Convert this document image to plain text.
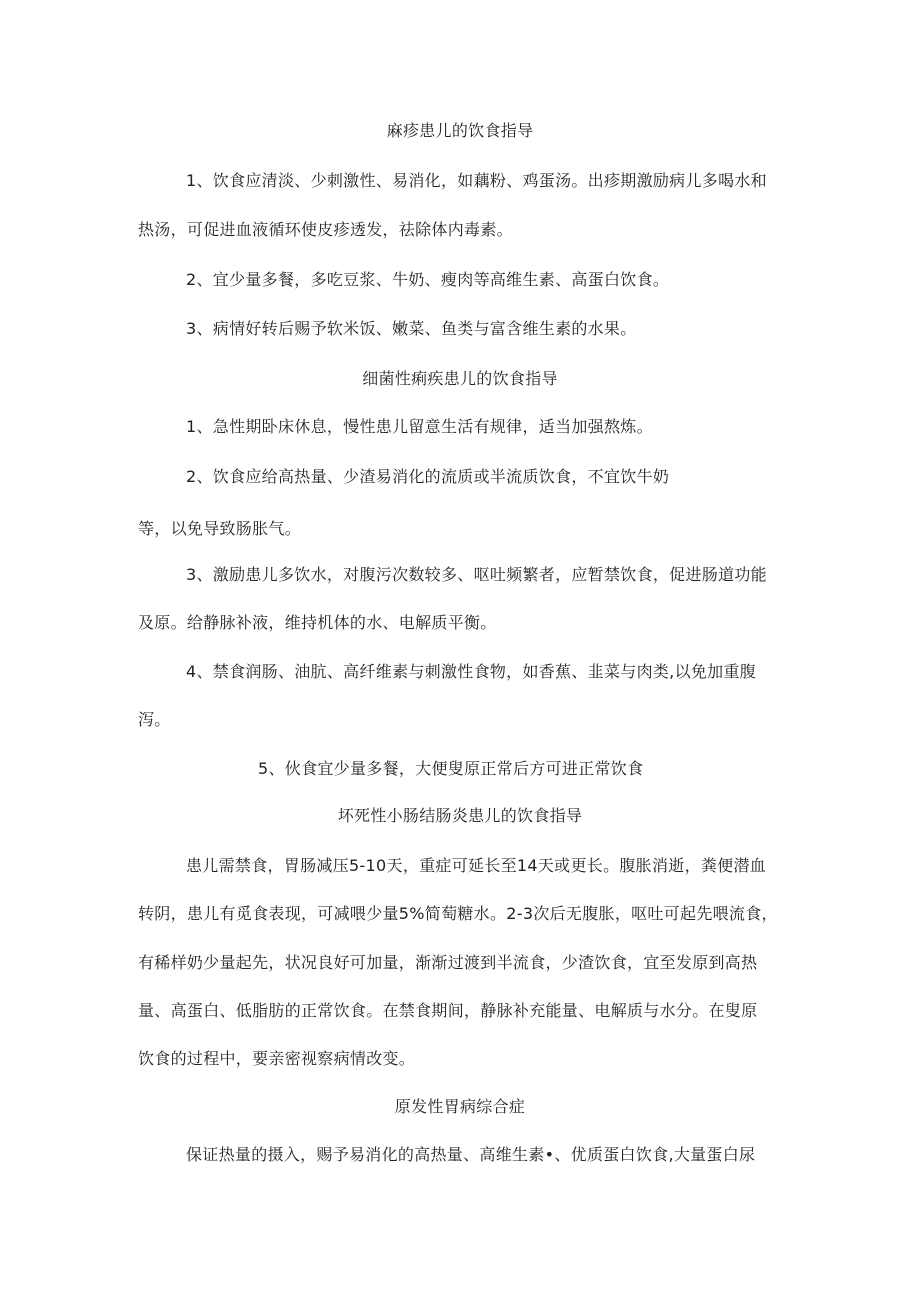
麻疹患儿的饮食指导
1、饮食应清淡、少刺激性、易消化，如藕粉、鸡蛋汤。出疹期激励病儿多喝水和
热汤，可促进血液循环使皮疹透发，祛除体内毒素。
2、宜少量多餐，多吃豆浆、牛奶、瘦肉等高维生素、高蛋白饮食。
3、病情好转后赐予软米饭、嫩菜、鱼类与富含维生素的水果。
细菌性痢疾患儿的饮食指导
1、急性期卧床休息，慢性患儿留意生活有规律，适当加强熬炼。
2、饮食应给高热量、少渣易消化的流质或半流质饮食，不宜饮牛奶
等，以免导致肠胀气。
3、激励患儿多饮水，对腹污次数较多、呕吐频繁者，应暂禁饮食，促进肠道功能
及原。给静脉补液，维持机体的水、电解质平衡。
4、禁食润肠、油肮、高纤维素与刺激性食物，如香蕉、韭菜与肉类,以免加重腹
泻。
5、伙食宜少量多餐，大便叟原正常后方可进正常饮食
坏死性小肠结肠炎患儿的饮食指导
患儿需禁食，胃肠减压5-10天，重症可延长至14天或更长。腹胀消逝，粪便潜血
转阴，患儿有觅食表现，可减喂少量5%简萄糖水。2-3次后无腹胀，呕吐可起先喂流食，
有稀样奶少量起先，状况良好可加量，渐渐过渡到半流食，少渣饮食，宜至发原到高热
量、高蛋白、低脂肪的正常饮食。在禁食期间，静脉补充能量、电解质与水分。在叟原
饮食的过程中，要亲密视察病情改变。
原发性胃病综合症
保证热量的摄入，赐予易消化的高热量、高维生素•、优质蛋白饮食,大量蛋白尿
